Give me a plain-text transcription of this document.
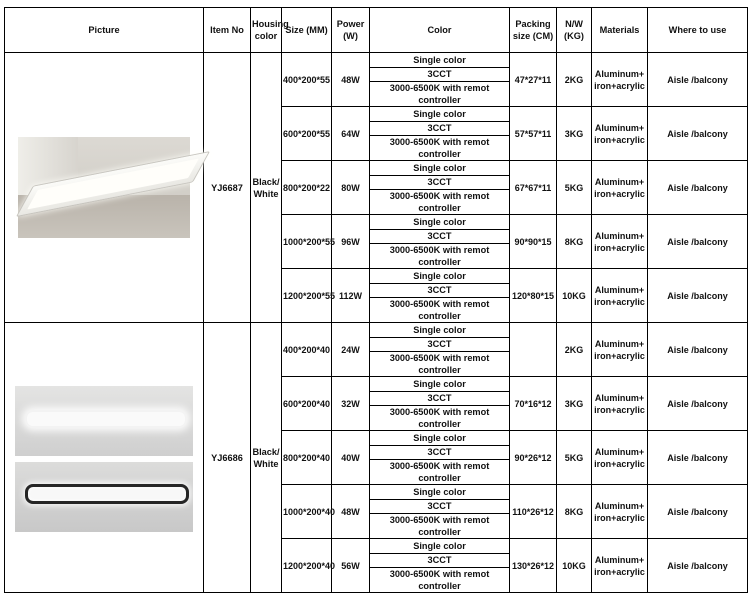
Picture	Item No	Housing color	Size (MM)	Power (W)	Color	Packing size (CM)	N/W (KG)	Materials	Where to use

	YJ6687	Black/ White	400*200*55	48W	Single color	47*27*11	2KG	Aluminum+ iron+acrylic	Aisle /balcony
					3CCT				
					3000-6500K with remot controller				
			600*200*55	64W	Single color	57*57*11	3KG	Aluminum+ iron+acrylic	Aisle /balcony
					3CCT				
					3000-6500K with remot controller				
			800*200*22	80W	Single color	67*67*11	5KG	Aluminum+ iron+acrylic	Aisle /balcony
					3CCT				
					3000-6500K with remot controller				
			1000*200*55	96W	Single color	90*90*15	8KG	Aluminum+ iron+acrylic	Aisle /balcony
					3CCT				
					3000-6500K with remot controller				
			1200*200*55	112W	Single color	120*80*15	10KG	Aluminum+ iron+acrylic	Aisle /balcony
					3CCT				
					3000-6500K with remot controller				

	YJ6686	Black/ White	400*200*40	24W	Single color		2KG	Aluminum+ iron+acrylic	Aisle /balcony
					3CCT				
					3000-6500K with remot controller				
			600*200*40	32W	Single color	70*16*12	3KG	Aluminum+ iron+acrylic	Aisle /balcony
					3CCT				
					3000-6500K with remot controller				
			800*200*40	40W	Single color	90*26*12	5KG	Aluminum+ iron+acrylic	Aisle /balcony
					3CCT				
					3000-6500K with remot controller				
			1000*200*40	48W	Single color	110*26*12	8KG	Aluminum+ iron+acrylic	Aisle /balcony
					3CCT				
					3000-6500K with remot controller				
			1200*200*40	56W	Single color	130*26*12	10KG	Aluminum+ iron+acrylic	Aisle /balcony
					3CCT				
					3000-6500K with remot controller				
